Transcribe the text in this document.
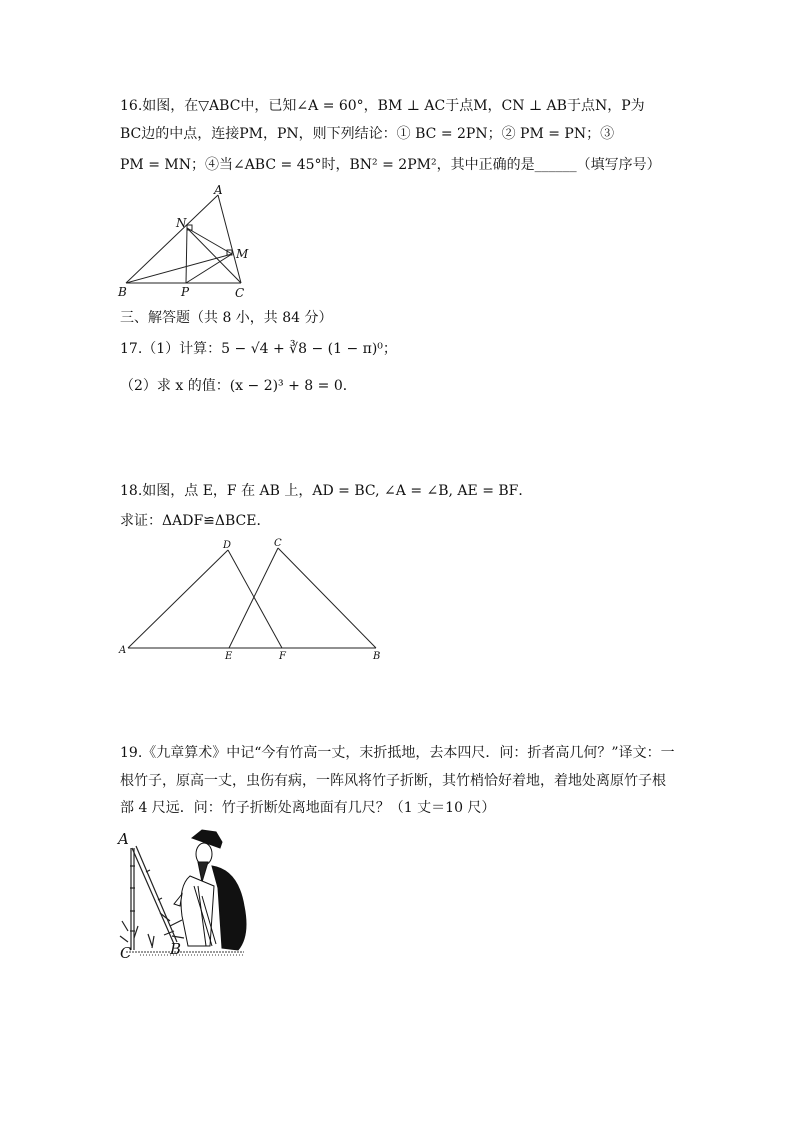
16.如图，在▽ABC中，已知∠A = 60°，BM ⊥ AC于点M，CN ⊥ AB于点N，P为
BC边的中点，连接PM，PN，则下列结论：① BC = 2PN；② PM = PN；③
PM = MN；④当∠ABC = 45°时，BN² = 2PM²，其中正确的是______（填写序号）
A
N
M
B	P	C
三、解答题（共 8 小，共 84 分）
17.（1）计算：5 − √4 + ∛8 − (1 − π)⁰；
（2）求 x 的值：(x − 2)³ + 8 = 0．
18.如图，点 E，F 在 AB 上，AD = BC, ∠A = ∠B, AE = BF．
求证：ΔADF≌ΔBCE．
D	C
A
E	F	B
19.《九章算术》中记“今有竹高一丈，末折抵地，去本四尺．问：折者高几何？”译文：一
根竹子，原高一丈，虫伤有病，一阵风将竹子折断，其竹梢恰好着地，着地处离原竹子根
部 4 尺远．问：竹子折断处离地面有几尺？（1 丈＝10 尺）
A
C	B
